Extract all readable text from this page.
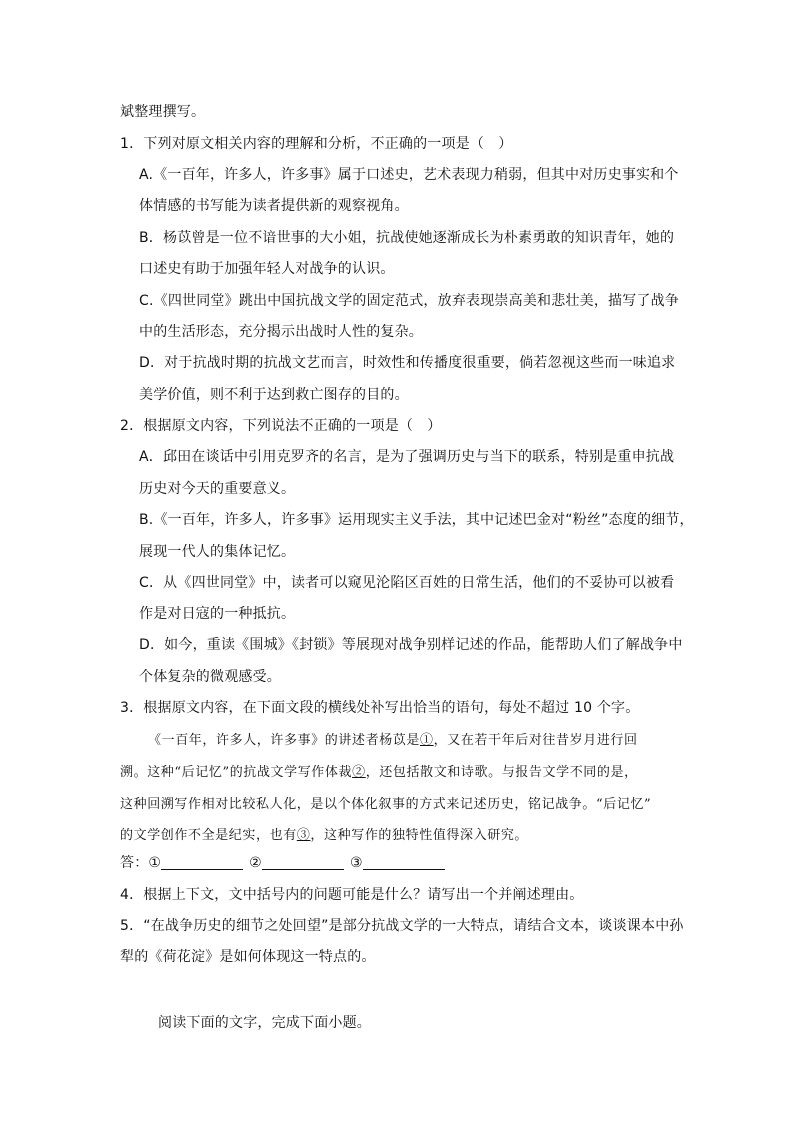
斌整理撰写。
1．下列对原文相关内容的理解和分析，不正确的一项是（　）
A.《一百年，许多人，许多事》属于口述史，艺术表现力稍弱，但其中对历史事实和个
体情感的书写能为读者提供新的观察视角。
B．杨苡曾是一位不谙世事的大小姐，抗战使她逐渐成长为朴素勇敢的知识青年，她的
口述史有助于加强年轻人对战争的认识。
C.《四世同堂》跳出中国抗战文学的固定范式，放弃表现崇高美和悲壮美，描写了战争
中的生活形态，充分揭示出战时人性的复杂。
D．对于抗战时期的抗战文艺而言，时效性和传播度很重要，倘若忽视这些而一味追求
美学价值，则不利于达到救亡图存的目的。
2．根据原文内容，下列说法不正确的一项是（　）
A．邱田在谈话中引用克罗齐的名言，是为了强调历史与当下的联系，特别是重申抗战
历史对今天的重要意义。
B.《一百年，许多人，许多事》运用现实主义手法，其中记述巴金对“粉丝”态度的细节，
展现一代人的集体记忆。
C．从《四世同堂》中，读者可以窥见沦陷区百姓的日常生活，他们的不妥协可以被看
作是对日寇的一种抵抗。
D．如今，重读《围城》《封锁》等展现对战争别样记述的作品，能帮助人们了解战争中
个体复杂的微观感受。
3．根据原文内容，在下面文段的横线处补写出恰当的语句，每处不超过 10 个字。
《一百年，许多人，许多事》的讲述者杨苡是①，又在若干年后对往昔岁月进行回
溯。这种“后记忆”的抗战文学写作体裁②，还包括散文和诗歌。与报告文学不同的是，
这种回溯写作相对比较私人化，是以个体化叙事的方式来记述历史，铭记战争。“后记忆”
的文学创作不全是纪实，也有③，这种写作的独特性值得深入研究。
答：①	②	③
4．根据上下文，文中括号内的问题可能是什么？请写出一个并阐述理由。
5．“在战争历史的细节之处回望”是部分抗战文学的一大特点，请结合文本，谈谈课本中孙
犁的《荷花淀》是如何体现这一特点的。
阅读下面的文字，完成下面小题。
